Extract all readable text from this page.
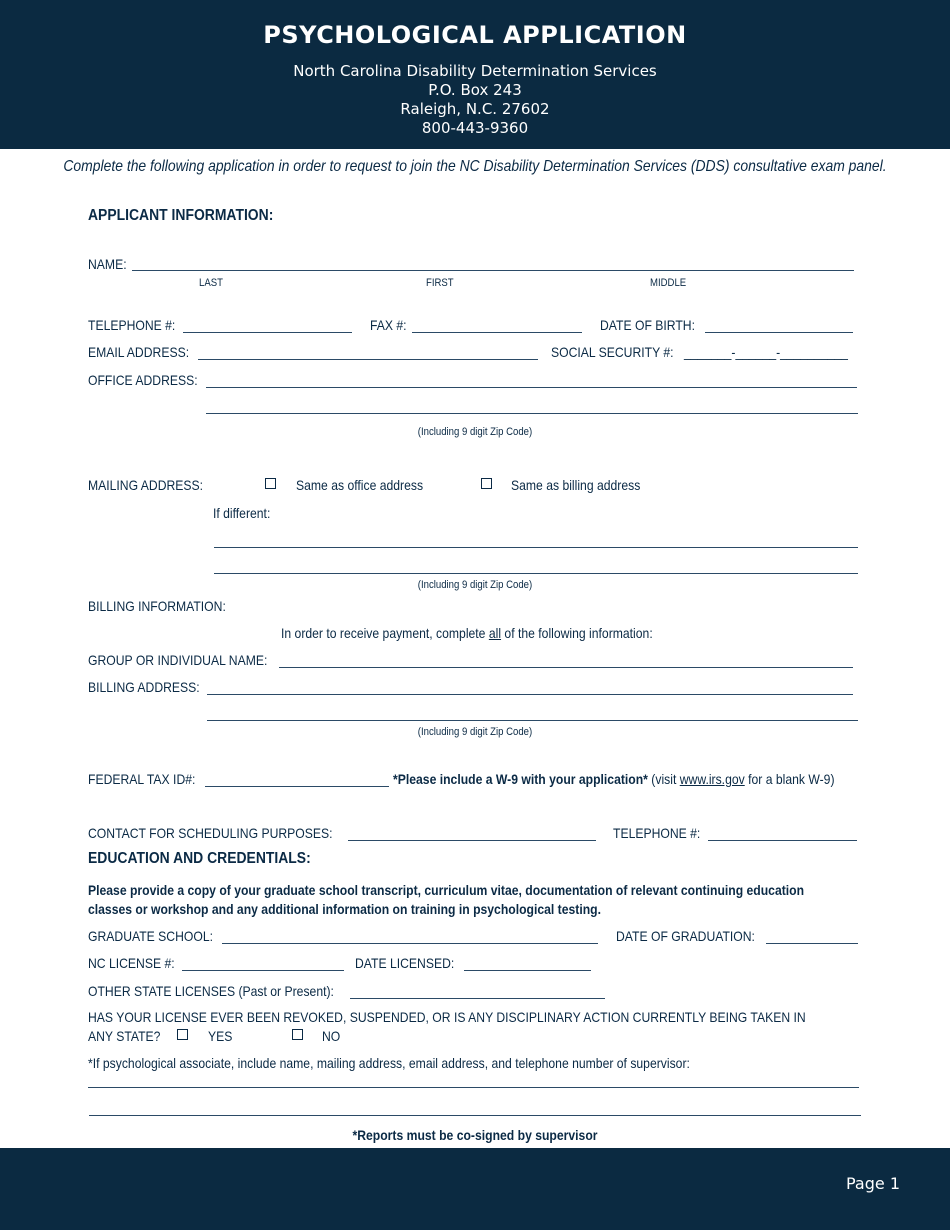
PSYCHOLOGICAL APPLICATION
North Carolina Disability Determination Services
P.O. Box 243
Raleigh, N.C. 27602
800-443-9360
Complete the following application in order to request to join the NC Disability Determination Services (DDS) consultative exam panel.
APPLICANT INFORMATION:
NAME:
LAST	FIRST	MIDDLE
TELEPHONE #:	FAX #:	DATE OF BIRTH:
EMAIL ADDRESS:	SOCIAL SECURITY #: _______-______-__________
OFFICE ADDRESS:
(Including 9 digit Zip Code)
MAILING ADDRESS:	Same as office address	Same as billing address
If different:
(Including 9 digit Zip Code)
BILLING INFORMATION:
In order to receive payment, complete all of the following information:
GROUP OR INDIVIDUAL NAME:
BILLING ADDRESS:
(Including 9 digit Zip Code)
FEDERAL TAX ID#:	*Please include a W-9 with your application* (visit www.irs.gov for a blank W-9)
CONTACT FOR SCHEDULING PURPOSES:	TELEPHONE #:
EDUCATION AND CREDENTIALS:
Please provide a copy of your graduate school transcript, curriculum vitae, documentation of relevant continuing education
classes or workshop and any additional information on training in psychological testing.
GRADUATE SCHOOL:	DATE OF GRADUATION:
NC LICENSE #:	DATE LICENSED:
OTHER STATE LICENSES (Past or Present):
HAS YOUR LICENSE EVER BEEN REVOKED, SUSPENDED, OR IS ANY DISCIPLINARY ACTION CURRENTLY BEING TAKEN IN
ANY STATE?	YES	NO
*If psychological associate, include name, mailing address, email address, and telephone number of supervisor:
*Reports must be co-signed by supervisor
Page 1
